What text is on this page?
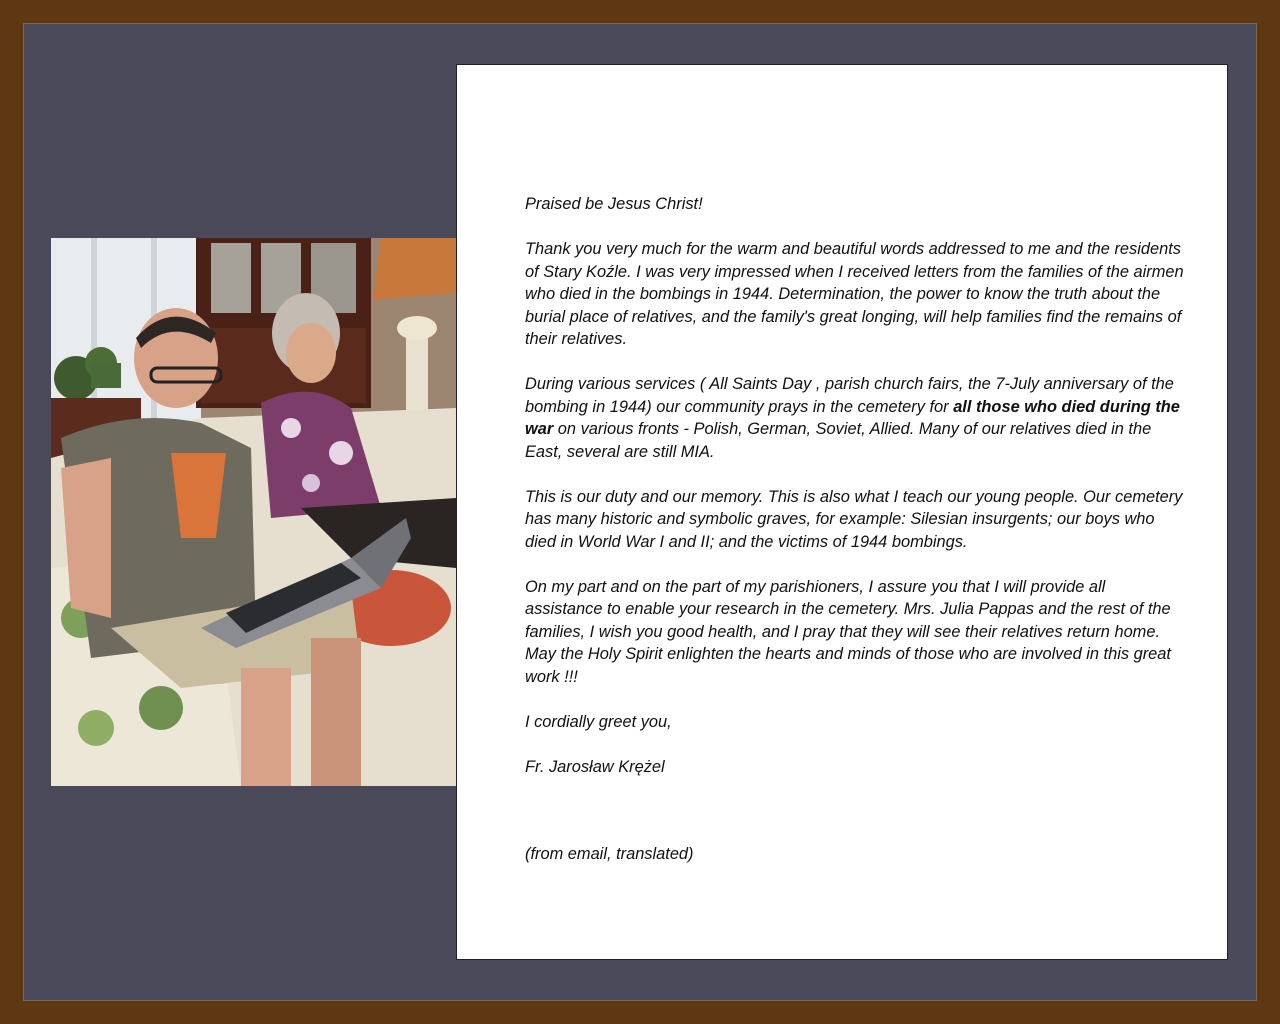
Praised be Jesus Christ!

Thank you very much for the warm and beautiful words addressed to me and the residents of Stary Koźle. I was very impressed when I received letters from the families of the airmen who died in the bombings in 1944. Determination, the power to know the truth about the burial place of relatives, and the family's great longing, will help families find the remains of their relatives.

During various services ( All Saints Day , parish church fairs, the 7-July anniversary of the bombing in 1944) our community prays in the cemetery for all those who died during the war on various fronts - Polish, German, Soviet, Allied. Many of our relatives died in the East, several are still MIA.

This is our duty and our memory. This is also what I teach our young people. Our cemetery has many historic and symbolic graves, for example: Silesian insurgents; our boys who died in World War I and II; and the victims of 1944 bombings.

On my part and on the part of my parishioners, I assure you that I will provide all assistance to enable your research in the cemetery. Mrs. Julia Pappas and the rest of the families, I wish you good health, and I pray that they will see their relatives return home. May the Holy Spirit enlighten the hearts and minds of those who are involved in this great work !!!

I cordially greet you,

Fr. Jarosław Krężel

(from email, translated)
